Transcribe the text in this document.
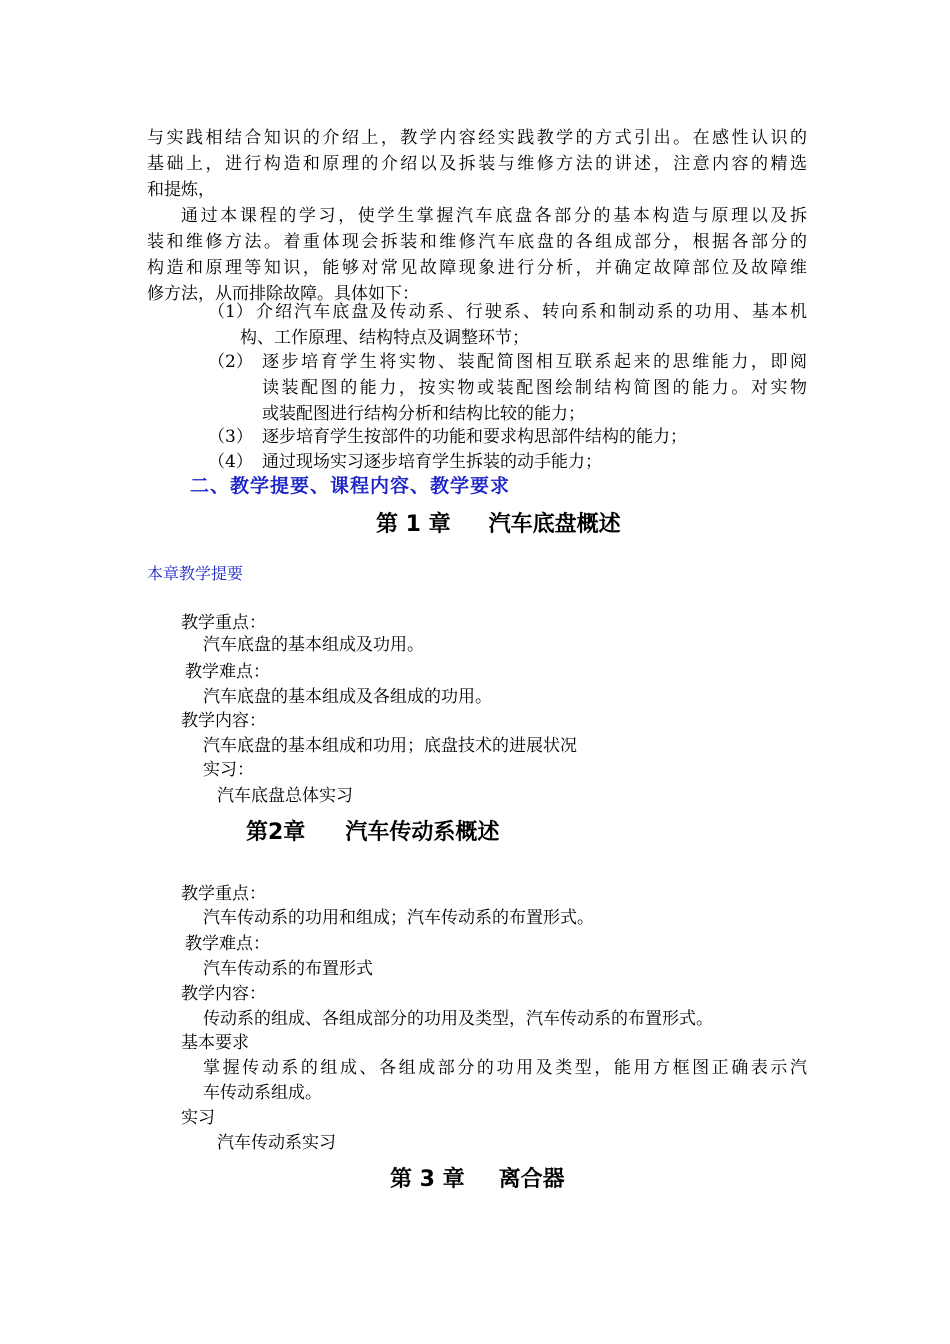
与实践相结合知识的介绍上，教学内容经实践教学的方式引出。在感性认识的
基础上，进行构造和原理的介绍以及拆装与维修方法的讲述，注意内容的精选
和提炼，
通过本课程的学习，使学生掌握汽车底盘各部分的基本构造与原理以及拆
装和维修方法。着重体现会拆装和维修汽车底盘的各组成部分，根据各部分的
构造和原理等知识，能够对常见故障现象进行分析，并确定故障部位及故障维
修方法，从而排除故障。具体如下：
（1） 介绍汽车底盘及传动系、行驶系、转向系和制动系的功用、基本机
构、工作原理、结构特点及调整环节；
（2） 逐步培育学生将实物、装配简图相互联系起来的思维能力，即阅
读装配图的能力，按实物或装配图绘制结构简图的能力。对实物
或装配图进行结构分析和结构比较的能力；
（3） 逐步培育学生按部件的功能和要求构思部件结构的能力；
（4） 通过现场实习逐步培育学生拆装的动手能力；
二、教学提要、课程内容、教学要求
第 1 章 汽车底盘概述
本章教学提要
教学重点：
汽车底盘的基本组成及功用。
教学难点：
汽车底盘的基本组成及各组成的功用。
教学内容：
汽车底盘的基本组成和功用；底盘技术的进展状况
实习：
汽车底盘总体实习
第2章 汽车传动系概述
教学重点：
汽车传动系的功用和组成；汽车传动系的布置形式。
教学难点：
汽车传动系的布置形式
教学内容：
传动系的组成、各组成部分的功用及类型，汽车传动系的布置形式。
基本要求
掌握传动系的组成、各组成部分的功用及类型，能用方框图正确表示汽
车传动系组成。
实习
汽车传动系实习
第 3 章 离合器
